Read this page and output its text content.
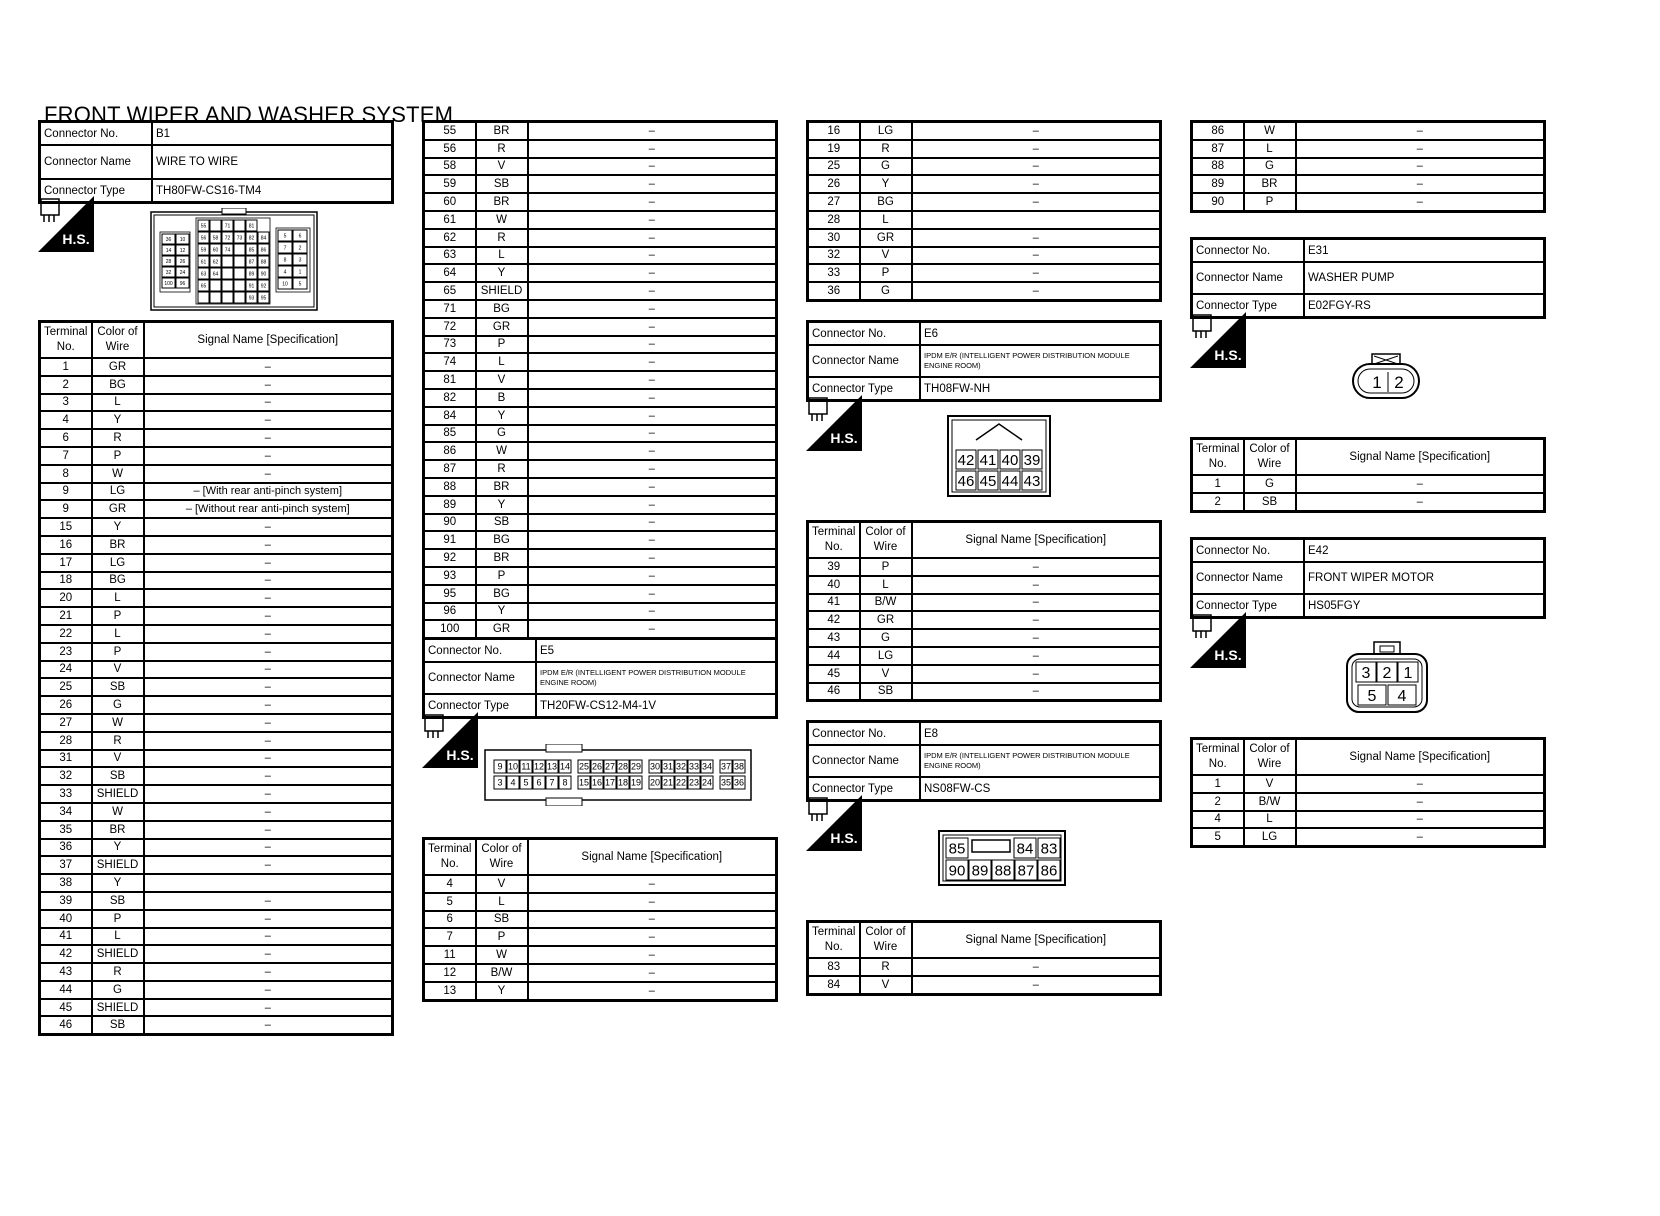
FRONT WIPER AND WASHER SYSTEM
Connector No.	B1
Connector Name	WIRE TO WIRE
Connector Type	TH80FW-CS16-TM4
H.S.	36 10
14 12
28 26
32 24
100 96
55	71	81
56 58 72 73 82 84
59 60 74	85 86
61 62	87 88
63 64	89 90
65	91 92
93 95
5 6
7 2
8 3
4 1
10 5
Terminal No.	Color of Wire	Signal Name [Specification]
1	GR	–
2	BG	–
3	L	–
4	Y	–
6	R	–
7	P	–
8	W	–
9	LG	– [With rear anti-pinch system]
9	GR	– [Without rear anti-pinch system]
15	Y	–
16	BR	–
17	LG	–
18	BG	–
20	L	–
21	P	–
22	L	–
23	P	–
24	V	–
25	SB	–
26	G	–
27	W	–
28	R	–
31	V	–
32	SB	–
33	SHIELD	–
34	W	–
35	BR	–
36	Y	–
37	SHIELD	–
38	Y	
39	SB	–
40	P	–
41	L	–
42	SHIELD	–
43	R	–
44	G	–
45	SHIELD	–
46	SB	–
55	BR	–
56	R	–
58	V	–
59	SB	–
60	BR	–
61	W	–
62	R	–
63	L	–
64	Y	–
65	SHIELD	–
71	BG	–
72	GR	–
73	P	–
74	L	–
81	V	–
82	B	–
84	Y	–
85	G	–
86	W	–
87	R	–
88	BR	–
89	Y	–
90	SB	–
91	BG	–
92	BR	–
93	P	–
95	BG	–
96	Y	–
100	GR	–
Connector No.	E5
Connector Name	IPDM E/R (INTELLIGENT POWER DISTRIBUTION MODULE ENGINE ROOM)
Connector Type	TH20FW-CS12-M4-1V
H.S.
9 10 11 12 13 14 25 26 27 28 29 30 31 32 33 34 37 38
3 4 5 6 7 8 15 16 17 18 19 20 21 22 23 24 35 36
Terminal No.	Color of Wire	Signal Name [Specification]
4	V	–
5	L	–
6	SB	–
7	P	–
11	W	–
12	B/W	–
13	Y	–
16	LG	–
19	R	–
25	G	–
26	Y	–
27	BG	–
28	L	
30	GR	–
32	V	–
33	P	–
36	G	–
Connector No.	E6
Connector Name	IPDM E/R (INTELLIGENT POWER DISTRIBUTION MODULE ENGINE ROOM)
Connector Type	TH08FW-NH
H.S.
42 41 40 39
46 45 44 43
Terminal No.	Color of Wire	Signal Name [Specification]
39	P	–
40	L	–
41	B/W	–
42	GR	–
43	G	–
44	LG	–
45	V	–
46	SB	–
Connector No.	E8
Connector Name	IPDM E/R (INTELLIGENT POWER DISTRIBUTION MODULE ENGINE ROOM)
Connector Type	NS08FW-CS
H.S.
85	84 83
90 89 88 87 86
Terminal No.	Color of Wire	Signal Name [Specification]
83	R	–
84	V	–
86	W	–
87	L	–
88	G	–
89	BR	–
90	P	–
Connector No.	E31
Connector Name	WASHER PUMP
Connector Type	E02FGY-RS
H.S.
1 2
Terminal No.	Color of Wire	Signal Name [Specification]
1	G	–
2	SB	–
Connector No.	E42
Connector Name	FRONT WIPER MOTOR
Connector Type	HS05FGY
H.S.
3 2 1
5 4
Terminal No.	Color of Wire	Signal Name [Specification]
1	V	–
2	B/W	–
4	L	–
5	LG	–
